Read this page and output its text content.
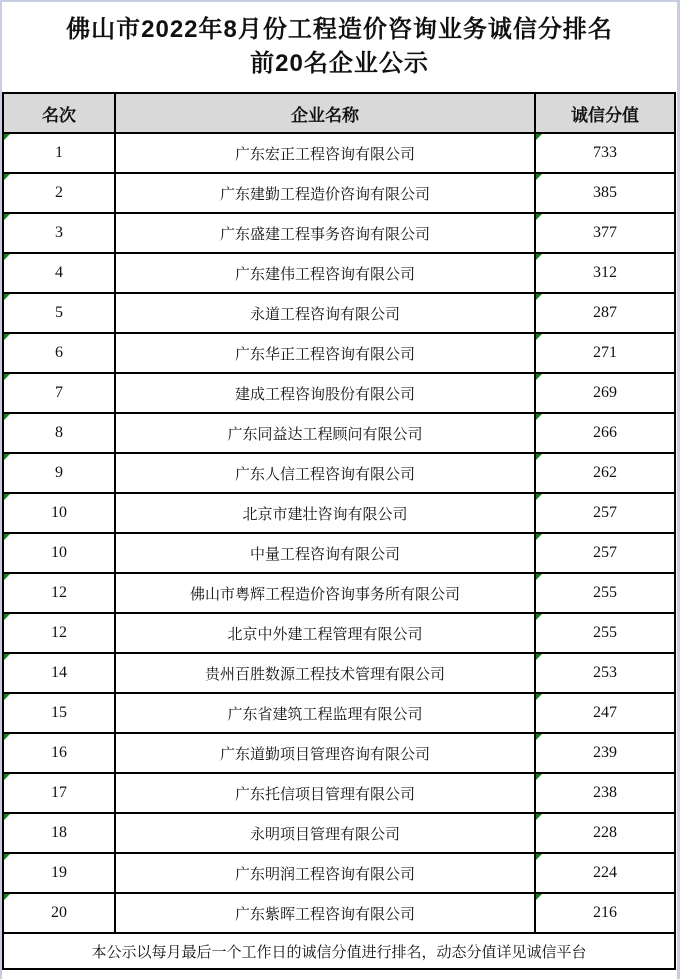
佛山市2022年8月份工程造价咨询业务诚信分排名
前20名企业公示
名次	企业名称	诚信分值

1	广东宏正工程咨询有限公司	733

2	广东建勤工程造价咨询有限公司	385

3	广东盛建工程事务咨询有限公司	377

4	广东建伟工程咨询有限公司	312

5	永道工程咨询有限公司	287

6	广东华正工程咨询有限公司	271

7	建成工程咨询股份有限公司	269

8	广东同益达工程顾问有限公司	266

9	广东人信工程咨询有限公司	262

10	北京市建壮咨询有限公司	257

10	中量工程咨询有限公司	257

12	佛山市粤辉工程造价咨询事务所有限公司	255

12	北京中外建工程管理有限公司	255

14	贵州百胜数源工程技术管理有限公司	253

15	广东省建筑工程监理有限公司	247

16	广东道勤项目管理咨询有限公司	239

17	广东托信项目管理有限公司	238

18	永明项目管理有限公司	228

19	广东明润工程咨询有限公司	224

20	广东紫晖工程咨询有限公司	216
本公示以每月最后一个工作日的诚信分值进行排名，动态分值详见诚信平台		
